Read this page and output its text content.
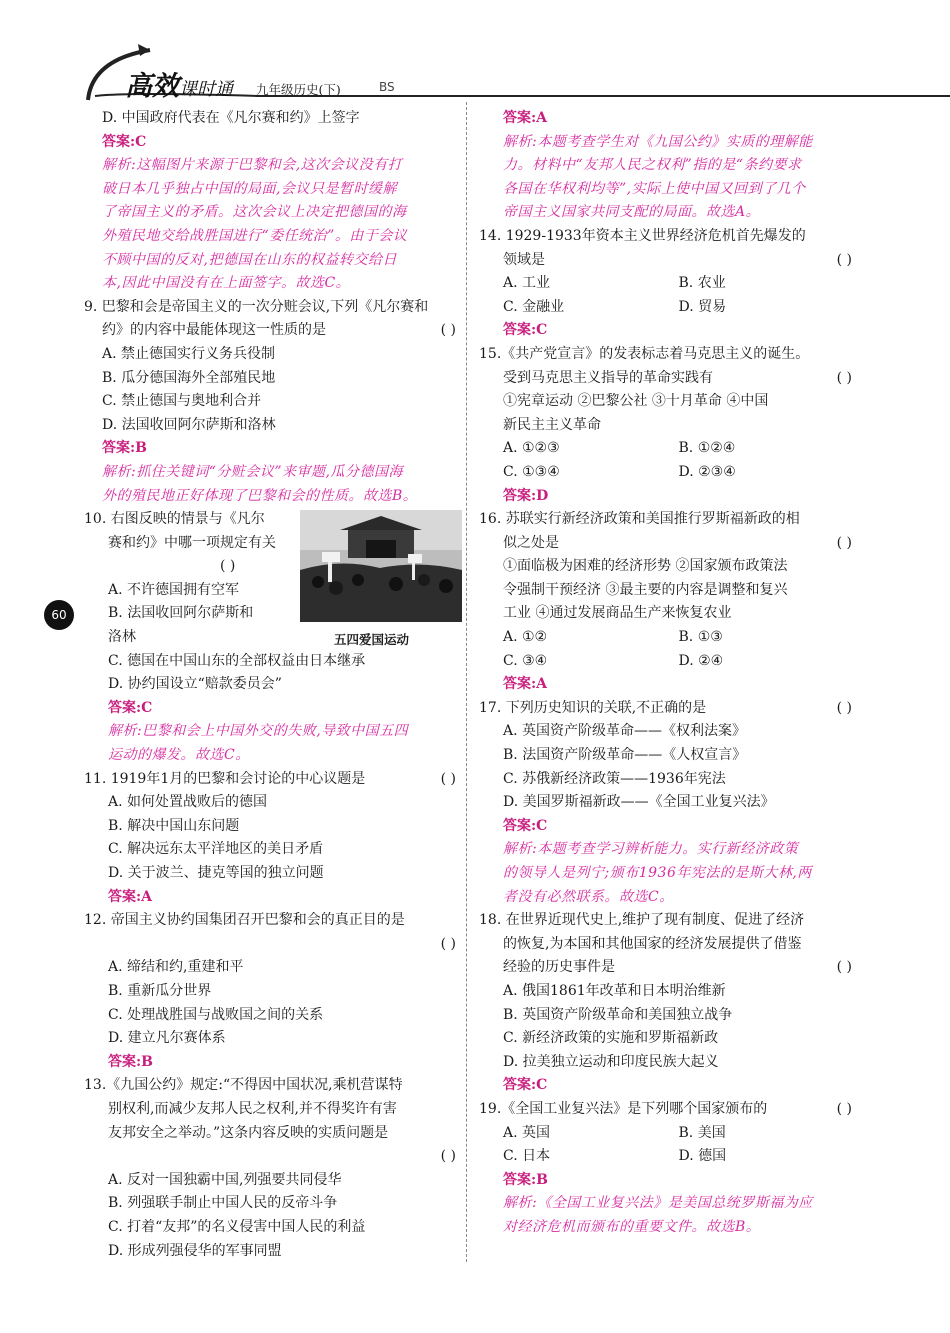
高效课时通 九年级历史(下)	BS
60
D. 中国政府代表在《凡尔赛和约》上签字
答案:C
解析:这幅图片来源于巴黎和会,这次会议没有打
破日本几乎独占中国的局面,会议只是暂时缓解
了帝国主义的矛盾。这次会议上决定把德国的海
外殖民地交给战胜国进行“委任统治”。由于会议
不顾中国的反对,把德国在山东的权益转交给日
本,因此中国没有在上面签字。故选C。
9. 巴黎和会是帝国主义的一次分赃会议,下列《凡尔赛和
约》的内容中最能体现这一性质的是	( )
A. 禁止德国实行义务兵役制
B. 瓜分德国海外全部殖民地
C. 禁止德国与奥地利合并
D. 法国收回阿尔萨斯和洛林
答案:B
解析:抓住关键词“分赃会议”来审题,瓜分德国海
外的殖民地正好体现了巴黎和会的性质。故选B。
10. 右图反映的情景与《凡尔
赛和约》中哪一项规定有关
( )
A. 不许德国拥有空军
B. 法国收回阿尔萨斯和
洛林
C. 德国在中国山东的全部权益由日本继承
D. 协约国设立“赔款委员会”
五四爱国运动
答案:C
解析:巴黎和会上中国外交的失败,导致中国五四
运动的爆发。故选C。
11. 1919年1月的巴黎和会讨论的中心议题是	( )
A. 如何处置战败后的德国
B. 解决中国山东问题
C. 解决远东太平洋地区的美日矛盾
D. 关于波兰、捷克等国的独立问题
答案:A
12. 帝国主义协约国集团召开巴黎和会的真正目的是
( )
A. 缔结和约,重建和平
B. 重新瓜分世界
C. 处理战胜国与战败国之间的关系
D. 建立凡尔赛体系
答案:B
13.《九国公约》规定:“不得因中国状况,乘机营谋特
别权利,而减少友邦人民之权利,并不得奖许有害
友邦安全之举动。”这条内容反映的实质问题是
( )
A. 反对一国独霸中国,列强要共同侵华
B. 列强联手制止中国人民的反帝斗争
C. 打着“友邦”的名义侵害中国人民的利益
D. 形成列强侵华的军事同盟
答案:A
解析:本题考查学生对《九国公约》实质的理解能
力。材料中“友邦人民之权利”指的是“条约要求
各国在华权利均等”,实际上使中国又回到了几个
帝国主义国家共同支配的局面。故选A。
14. 1929-1933年资本主义世界经济危机首先爆发的
领域是	( )
A. 工业	B. 农业
C. 金融业	D. 贸易
答案:C
15.《共产党宣言》的发表标志着马克思主义的诞生。
受到马克思主义指导的革命实践有	( )
①宪章运动 ②巴黎公社 ③十月革命 ④中国
新民主主义革命
A. ①②③	B. ①②④
C. ①③④	D. ②③④
答案:D
16. 苏联实行新经济政策和美国推行罗斯福新政的相
似之处是	( )
①面临极为困难的经济形势 ②国家颁布政策法
令强制干预经济 ③最主要的内容是调整和复兴
工业 ④通过发展商品生产来恢复农业
A. ①②	B. ①③
C. ③④	D. ②④
答案:A
17. 下列历史知识的关联,不正确的是	( )
A. 英国资产阶级革命——《权利法案》
B. 法国资产阶级革命——《人权宣言》
C. 苏俄新经济政策——1936年宪法
D. 美国罗斯福新政——《全国工业复兴法》
答案:C
解析:本题考查学习辨析能力。实行新经济政策
的领导人是列宁;颁布1936年宪法的是斯大林,两
者没有必然联系。故选C。
18. 在世界近现代史上,维护了现有制度、促进了经济
的恢复,为本国和其他国家的经济发展提供了借鉴
经验的历史事件是	( )
A. 俄国1861年改革和日本明治维新
B. 英国资产阶级革命和美国独立战争
C. 新经济政策的实施和罗斯福新政
D. 拉美独立运动和印度民族大起义
答案:C
19.《全国工业复兴法》是下列哪个国家颁布的	( )
A. 英国	B. 美国
C. 日本	D. 德国
答案:B
解析:《全国工业复兴法》是美国总统罗斯福为应
对经济危机而颁布的重要文件。故选B。
